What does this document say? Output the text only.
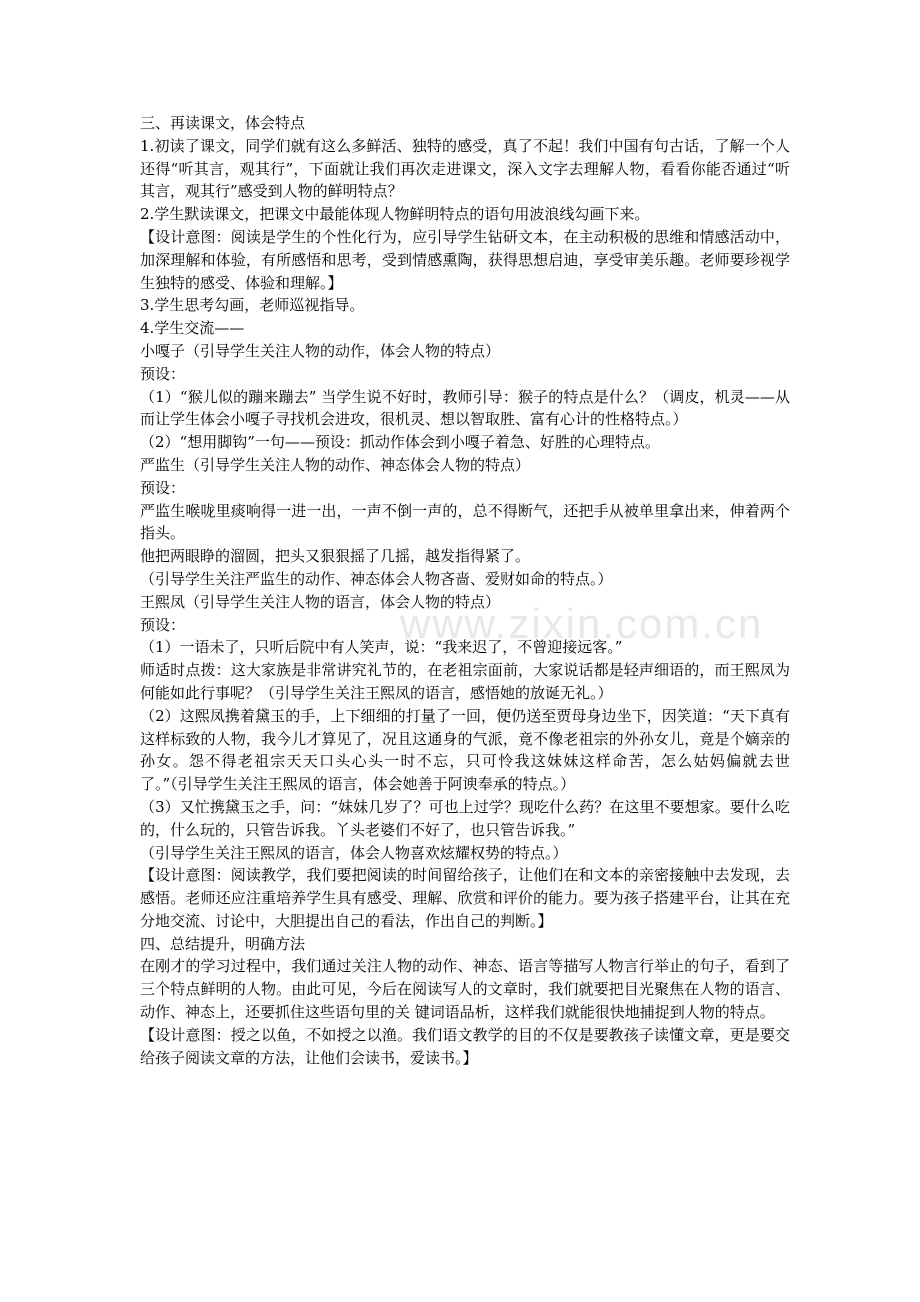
www.zixin.com.cn

三、再读课文，体会特点

1.初读了课文，同学们就有这么多鲜活、独特的感受，真了不起！我们中国有句古话，了解一个人还得“听其言，观其行”，下面就让我们再次走进课文，深入文字去理解人物，看看你能否通过“听其言，观其行”感受到人物的鲜明特点？

2.学生默读课文，把课文中最能体现人物鲜明特点的语句用波浪线勾画下来。

【设计意图：阅读是学生的个性化行为，应引导学生钻研文本，在主动积极的思维和情感活动中，加深理解和体验，有所感悟和思考，受到情感熏陶，获得思想启迪，享受审美乐趣。老师要珍视学生独特的感受、体验和理解。】

3.学生思考勾画，老师巡视指导。

4.学生交流——

小嘎子（引导学生关注人物的动作，体会人物的特点）

预设：

（1）“猴儿似的蹦来蹦去” 当学生说不好时，教师引导：猴子的特点是什么？（调皮，机灵——从而让学生体会小嘎子寻找机会进攻，很机灵、想以智取胜、富有心计的性格特点。）

（2）“想用脚钩”一句——预设：抓动作体会到小嘎子着急、好胜的心理特点。

严监生（引导学生关注人物的动作、神态体会人物的特点）

预设：

严监生喉咙里痰响得一进一出，一声不倒一声的，总不得断气，还把手从被单里拿出来，伸着两个指头。

他把两眼睁的溜圆，把头又狠狠摇了几摇，越发指得紧了。

（引导学生关注严监生的动作、神态体会人物吝啬、爱财如命的特点。）

王熙凤（引导学生关注人物的语言，体会人物的特点）

预设：

（1）一语未了，只听后院中有人笑声，说：“我来迟了，不曾迎接远客。”

师适时点拨：这大家族是非常讲究礼节的，在老祖宗面前，大家说话都是轻声细语的，而王熙凤为何能如此行事呢？（引导学生关注王熙凤的语言，感悟她的放诞无礼。）

（2）这熙凤携着黛玉的手，上下细细的打量了一回，便仍送至贾母身边坐下，因笑道：“天下真有这样标致的人物，我今儿才算见了，况且这通身的气派，竟不像老祖宗的外孙女儿，竟是个嫡亲的孙女。怨不得老祖宗天天口头心头一时不忘，只可怜我这妹妹这样命苦，怎么姑妈偏就去世了。”（引导学生关注王熙凤的语言，体会她善于阿谀奉承的特点。）

（3）又忙携黛玉之手，问：“妹妹几岁了？可也上过学？现吃什么药？在这里不要想家。要什么吃的，什么玩的，只管告诉我。丫头老婆们不好了，也只管告诉我。”

（引导学生关注王熙凤的语言，体会人物喜欢炫耀权势的特点。）

【设计意图：阅读教学，我们要把阅读的时间留给孩子，让他们在和文本的亲密接触中去发现，去感悟。老师还应注重培养学生具有感受、理解、欣赏和评价的能力。要为孩子搭建平台，让其在充分地交流、讨论中，大胆提出自己的看法，作出自己的判断。】

四、总结提升，明确方法

在刚才的学习过程中，我们通过关注人物的动作、神态、语言等描写人物言行举止的句子，看到了三个特点鲜明的人物。由此可见，今后在阅读写人的文章时，我们就要把目光聚焦在人物的语言、动作、神态上，还要抓住这些语句里的关 键词语品析，这样我们就能很快地捕捉到人物的特点。

【设计意图：授之以鱼，不如授之以渔。我们语文教学的目的不仅是要教孩子读懂文章，更是要交给孩子阅读文章的方法，让他们会读书，爱读书。】
